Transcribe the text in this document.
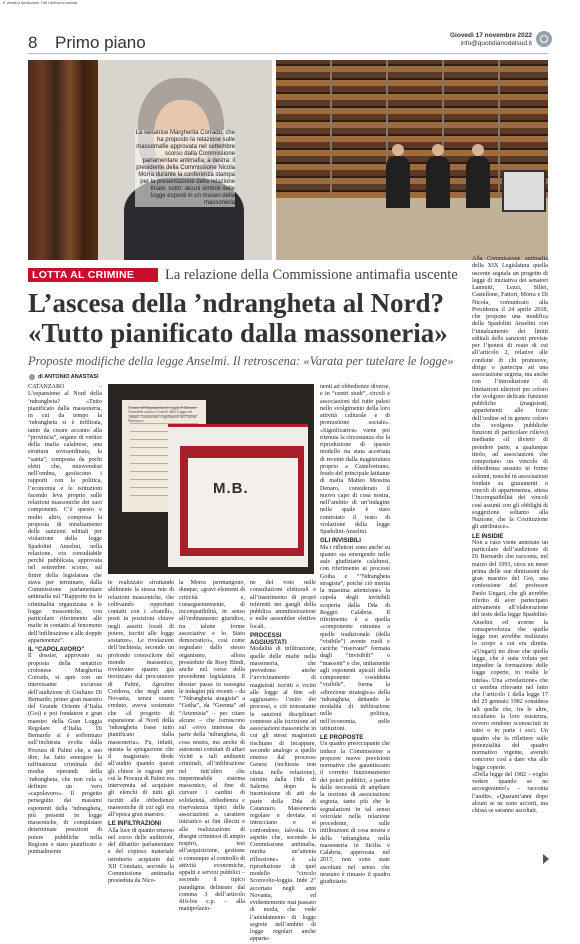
E' vietata la riproduzione. Tutti i diritti sono riservati
8 Primo piano	Giovedì 17 novembre 2022
info@quotidianodelsud.it
La senatrice Margherita Corrado, che ha proposto la relazione sulle massomafie approvata nel settembre scorso dalla Commissione parlamentare antimafia; a destra: il presidente della Commissione Nicola Morra durante la conferenza stampa per la presentazione della relazione finale; sotto: alcuni simboli delle logge esposti in un museo della massoneria
LOTTA AL CRIMINE La relazione della Commissione antimafia uscente
L’ascesa della ’ndrangheta al Nord?
«Tutto pianificato dalla massoneria»
Proposte modifiche della legge Anselmi. Il retroscena: «Varata per tutelare le logge»
di ANTONIO ANASTASI

Alla Commissione antimafia della XIX Legislatura quella uscente segnala un progetto di legge di iniziativa dei senatori Lannutti, Lezzi, Siliei, Castellone, Fattori, Morra e Di Nicola, comunicato alla Presidenza il 24 aprile 2018, che propone una modifica della Spadolini Anselmi con l’innalzamento dei limiti edittali delle sanzioni previste per l’ipotesi di reato di cui all’articolo 2, relative alle condotte di chi promuove, dirige o partecipa ad una associazione segreta, ma anche con l’introduzione di limitazioni ulteriori per coloro che svolgono delicate funzioni pubbliche (magistrati, appartenenti alle forze dell’ordine ed in genere coloro che svolgono pubbliche funzioni di particolare rilievo) mediante «il divieto di prendere parte, a qualunque titolo, ad associazioni che comportano un vincolo di obbedienza assunto in forme solenni, nonché in associazioni fondate su giuramenti o vincoli di appartenenza, attesa l’incompatibilità dei vincoli così assunti con gli obblighi di soggezione soltanto alla Nazione, che la Costituzione gli attribuisce».

LE INSIDIE

Non a caso viene annotato un particolare dell’audizione di Di Bernardo che racconta, nel marzo del 1993, circa un mese prima delle sue dimissioni da gran maestro del Goi, una confessione del professor Paolo Ungari, che gli avrebbe riferito di aver partecipato attivamente all’elaborazione del testo della legge Spadolini-Anselmi ed averne la consapevolezza che quella legge non avrebbe realizzato lo scopo a cui era diretta. «(Ungari) mi disse che quella legge, che è stata voluta per impedire la formazione delle logge coperte, in realtà le tutela». Una «rivelazione» che ci sembra rilevante nel fatto che l’articolo 1 della legge 17 del 25 gennaio 1982 considera tali quelle che, fra le altre, occultano la loro esistenza, ovvero rendono sconosciuti in tutto o in parte i soci. Un quadro che fa riflettere sulle potenzialità del quadro normativo vigente, avendo concorso così a dare vita alle logge coperte.

«Della legge del 1982 – voglio vedere quando se ne accorgeranno!» – racconta l’audito. «Quarant’anni dopo alcuni se ne sono accorti, ma chissà se saranno ascoltati.

CATANZARO – L’espansione al Nord della ’ndrangheta? «Tutto pianificato dalla massoneria, in cui da tempo la ’ndrangheta si è infiltrata, tanto da creare accanto alla “provincia”, organo di vertice della mafia calabrese, una struttura sovraordinata, la “santa”, composta da pochi eletti che, muovendosi nell’ombra, gestiscono i rapporti con la politica, l’economia e le istituzioni facendo leva proprio sulle relazioni massoniche dei suoi componenti. C’è questo e molto altro, compresa la proposta di innalzamento delle sanzioni edittali per violazione della legge Spadolini Anselmi, nella relazione, ora consultabile perché pubblicata, approvata nel settembre scorso, sul finire della legislatura che stava per terminare, dalla Commissione parlamentare antimafia sul “Rapporto tra la criminalità organizzata e le logge massoniche, con particolare riferimento alle mafie in contatto al fenomeno dell’infiltrazione e alle doppie appartenenze”.

IL “CAPOLAVORO”

Il dossier, approvato su proposta della senatrice crotonese Margherita Corrado, si apre con un interessante excursus dell’audizione di Giuliano Di Bernardo, primo gran maestro del Grande Oriente d’Italia (Goi) e poi fondatore e gran maestro della Gran Loggia Regolare d’Italia. Di Bernardo si è soffermato sull’inchiesta svolta dalla Procura di Palmi che, a suo dire, ha fatto emergere la raffinatezza criminale del modus operandi della ’ndrangheta, che non cela a definire un vero «capolavoro». Il progetto perseguito dai massimi esponenti della ’ndrangheta, più presenti in logge massoniche, di conquistare determinate posizioni di potere pubbliche nella Regione e stato pianificato e puntualmente

Estratto del Regolamento di Loggia. Il Maestro Venerabile riunisce i fratelli della Loggia nel Tempio. Costituzioni e regolamenti dell’Ordine Massonico.
M.B.

te realizzato sfruttando abilmente la stessa rete di relazioni massoniche, che coltivando opportuni contatti con i «fratelli», posti in posizioni chiave negli assetti locali di potere, iscritti alle logge sostanze». Le rivelazioni dell’inchiesta, secondo un profondo conoscitore del mondo massonico, rivelavano quanto già teorizzato dal procuratore di Palmi, Agostino Cordova, che negli anni Novanta, senza essere creduto, aveva sostenuto che «il progetto di espansione al Nord della ’ndrangheta fosse tutto pianificato dalla massoneria». Fu, infatti, questa la spiegazione che il magistrato diede all’audito quando questi gli chiese le ragioni per cui la Procura di Palmi era intervenuta ad acquisire gli elenchi di tutti gli iscritti alle obbedienze massoniche di cui egli era all’epoca gran maestro.

LE INFILTRAZIONI

Alla luce di quanto emerso nel corso delle audizioni, del dibattito parlamentare e del copioso materiale istruttorio acquisito dal XII Comitato, secondo la Commissione antimafia presieduta da Nico-

la Morra permangono, dunque, «gravi elementi di criticità e, conseguentemente, di incompatibilità, in senso all’ordinamento giuridico, tra talune forme associative e lo Stato democratico», così come segnalato dallo stesso organismo, allora presieduto da Rosy Bindi, anche nel corso della precedente legislatura. Il dossier passa in rassegna le indagini più recenti – da “’Ndrangheta stragista” a “Gotha”, da “Geenna” ad “Artemisia” – per citare alcune – che forniscono sul «vivo interesse da parte della ’ndrangheta, di cosa nostra, ma anche di autonomi comitati di affari vicini a tali ambienti criminali, all’infiltrazione nel tutt’altro che impermeabile sistema massonico, al fine di curvare i cardini di solidarietà, obbedienza e riservatezza tipici delle associazioni a carattere iniziatico ai fini illeciti e alla realizzazione di disegni criminosi di ampio respiro, tesi all’acquisizione, gestione o comunque al controllo di attività economiche, appalti e servizi pubblici – secondo il tipico paradigma delineato dal comma 3 dell’articolo 416-bis c.p. – alla manipolazio-

ne del voto nelle consultazioni elettorali e all’inserimento di propri referenti nei gangli della pubblica amministrazione e nelle assemblee elettive locali.

PROCESSI AGGIUSTATI

Modalità di infiltrazione, quelle delle mafie nella massoneria, che prevedono anche l’avvicinamento di magistrati iscritti o vicini alle logge al fine «di aggiustare» l’esito dei processi, e ciò nonostante le sanzioni disciplinari connesse alla iscrizione ad associazioni massoniche in cui gli stessi magistrati rischiano di incappare, secondo analogo a quello emerso dal processo Genesi (inchiesta non citata nella relazione), istruito dalla Dda di Salerno dopo la trasmissione di atti da parte della Dda di Catanzaro. Massoneria regolare e deviata si intrecciano e si confondono, talvolta. Un aspetto che, secondo la Commissione antimafia, merita un’attenta riflessione» è «la riproduzione di quel modello “circolo Sconvolto-loggia. Inde 2” accertato negli anni Novanta, ed evidentemente mai passato di moda, che vede l’annidamento di logge segrete nell’ambito di logge regolari anche apparte-

nenti ad obbedienze diverse, e in “centri studi”, circoli e associazioni del tutto palesi nello svolgimento della loro attività culturale e di promozione sociale». «Significativa» viene poi ritenuta la circostanza che la riproduzione di questo modello sia stata accertata di recente dalla magistratura proprio a Castelvetrano, feudo del principale latitante di mafia Matteo Messina Denaro, considerato il nuovo capo di cosa nostra, nell’ambito di un’indagine nella quale è stato contestato il reato di violazione della legge Spadolini-Anselmi.

GLI INVISIBILI

Ma i riflettori sono anche su quanto sta emergendo nelle aule giudiziarie calabresi, con riferimento ai processi Gotha e “’Ndrangheta stragista”, poiché ciò merita la massima attenzione» la cupola degli invisibili scoperta dalla Dda di Reggio Calabria. Il riferimento è a quella «componente estranea a quelle tradizionale (della “visibile”) avente ruoli e cariche “riservate” formata dagli “invisibili” o “massoni” e che, unitamente agli esponenti apicali della componente cosiddetta “visibile”, forma la «direzione strategica» della ’ndrangheta, dettando le modalità di infiltrazione nella politica, nell’economia, nelle istituzioni.

LE PROPOSTE

Un quadro preoccupante che induce la Commissione a proporre nuove previsioni normative che garantiscano il corretto funzionamento dei poteri pubblici, a partire dalla necessità di ampliare la nozione di associazione segreta, tanto più che le segnalazioni in tal senso veicolate nella relazione precedente, sulle infiltrazioni di cosa nostra e della ’ndrangheta nella massoneria in Sicilia e Calabria, approvata nel 2017, non sono state ascoltate nel senso che nessuno è rimasto il quadro giudiziario.
